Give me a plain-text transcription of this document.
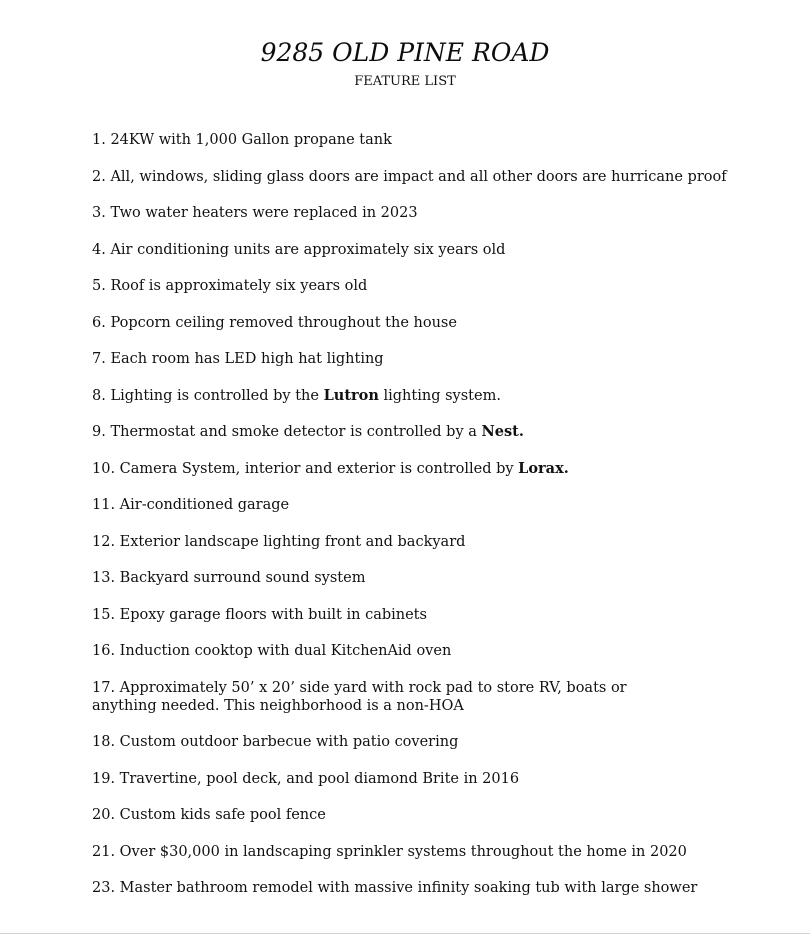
9285 OLD PINE ROAD

FEATURE LIST

1. 24KW with 1,000 Gallon propane tank
2. All, windows, sliding glass doors are impact and all other doors are hurricane proof
3. Two water heaters were replaced in 2023
4. Air conditioning units are approximately six years old
5. Roof is approximately six years old
6. Popcorn ceiling removed throughout the house
7. Each room has LED high hat lighting
8. Lighting is controlled by the Lutron lighting system.
9. Thermostat and smoke detector is controlled by a Nest.
10. Camera System, interior and exterior is controlled by Lorax.
11. Air-conditioned garage
12. Exterior landscape lighting front and backyard
13. Backyard surround sound system
15. Epoxy garage floors with built in cabinets
16. Induction cooktop with dual KitchenAid oven
17. Approximately 50’ x 20’ side yard with rock pad to store RV, boats or anything needed. This neighborhood is a non-HOA
18. Custom outdoor barbecue with patio covering
19. Travertine, pool deck, and pool diamond Brite in 2016
20. Custom kids safe pool fence
21. Over $30,000 in landscaping sprinkler systems throughout the home in 2020
23. Master bathroom remodel with massive infinity soaking tub with large shower
